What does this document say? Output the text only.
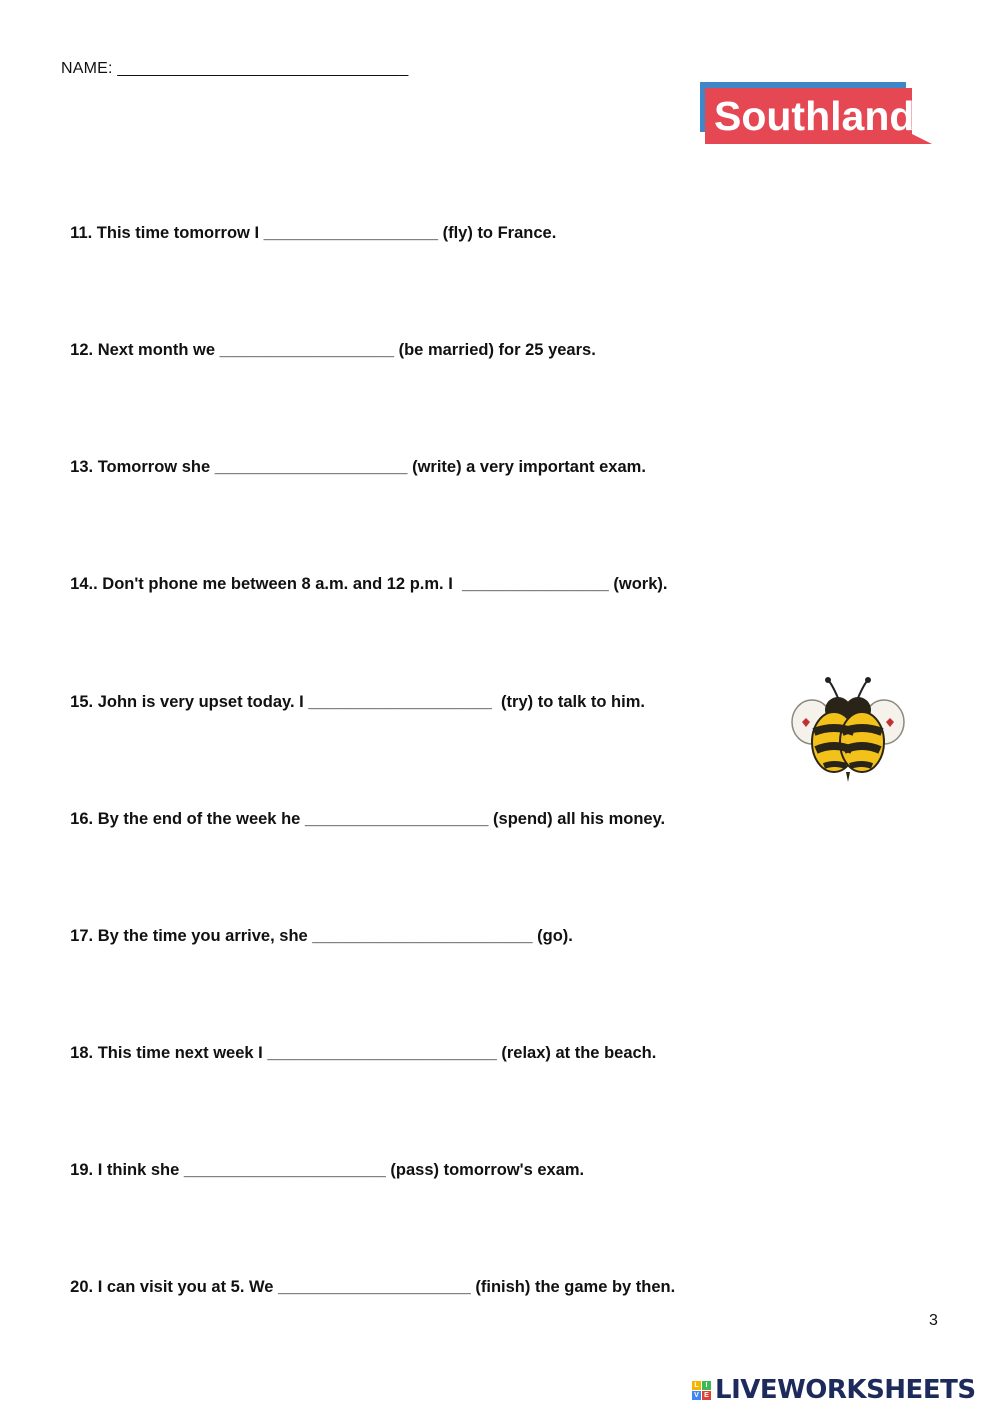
NAME: ________________________________
Southland

11. This time tomorrow I ___________________ (fly) to France.

12. Next month we ___________________ (be married) for 25 years.

13. Tomorrow she _____________________ (write) a very important exam.

14.. Don't phone me between 8 a.m. and 12 p.m. I  ________________ (work).

15. John is very upset today. I ____________________  (try) to talk to him.

16. By the end of the week he ____________________ (spend) all his money.

17. By the time you arrive, she ________________________ (go).

18. This time next week I _________________________ (relax) at the beach.

19. I think she ______________________ (pass) tomorrow's exam.

20. I can visit you at 5. We _____________________ (finish) the game by then.

3
L I
V E LIVEWORKSHEETS
